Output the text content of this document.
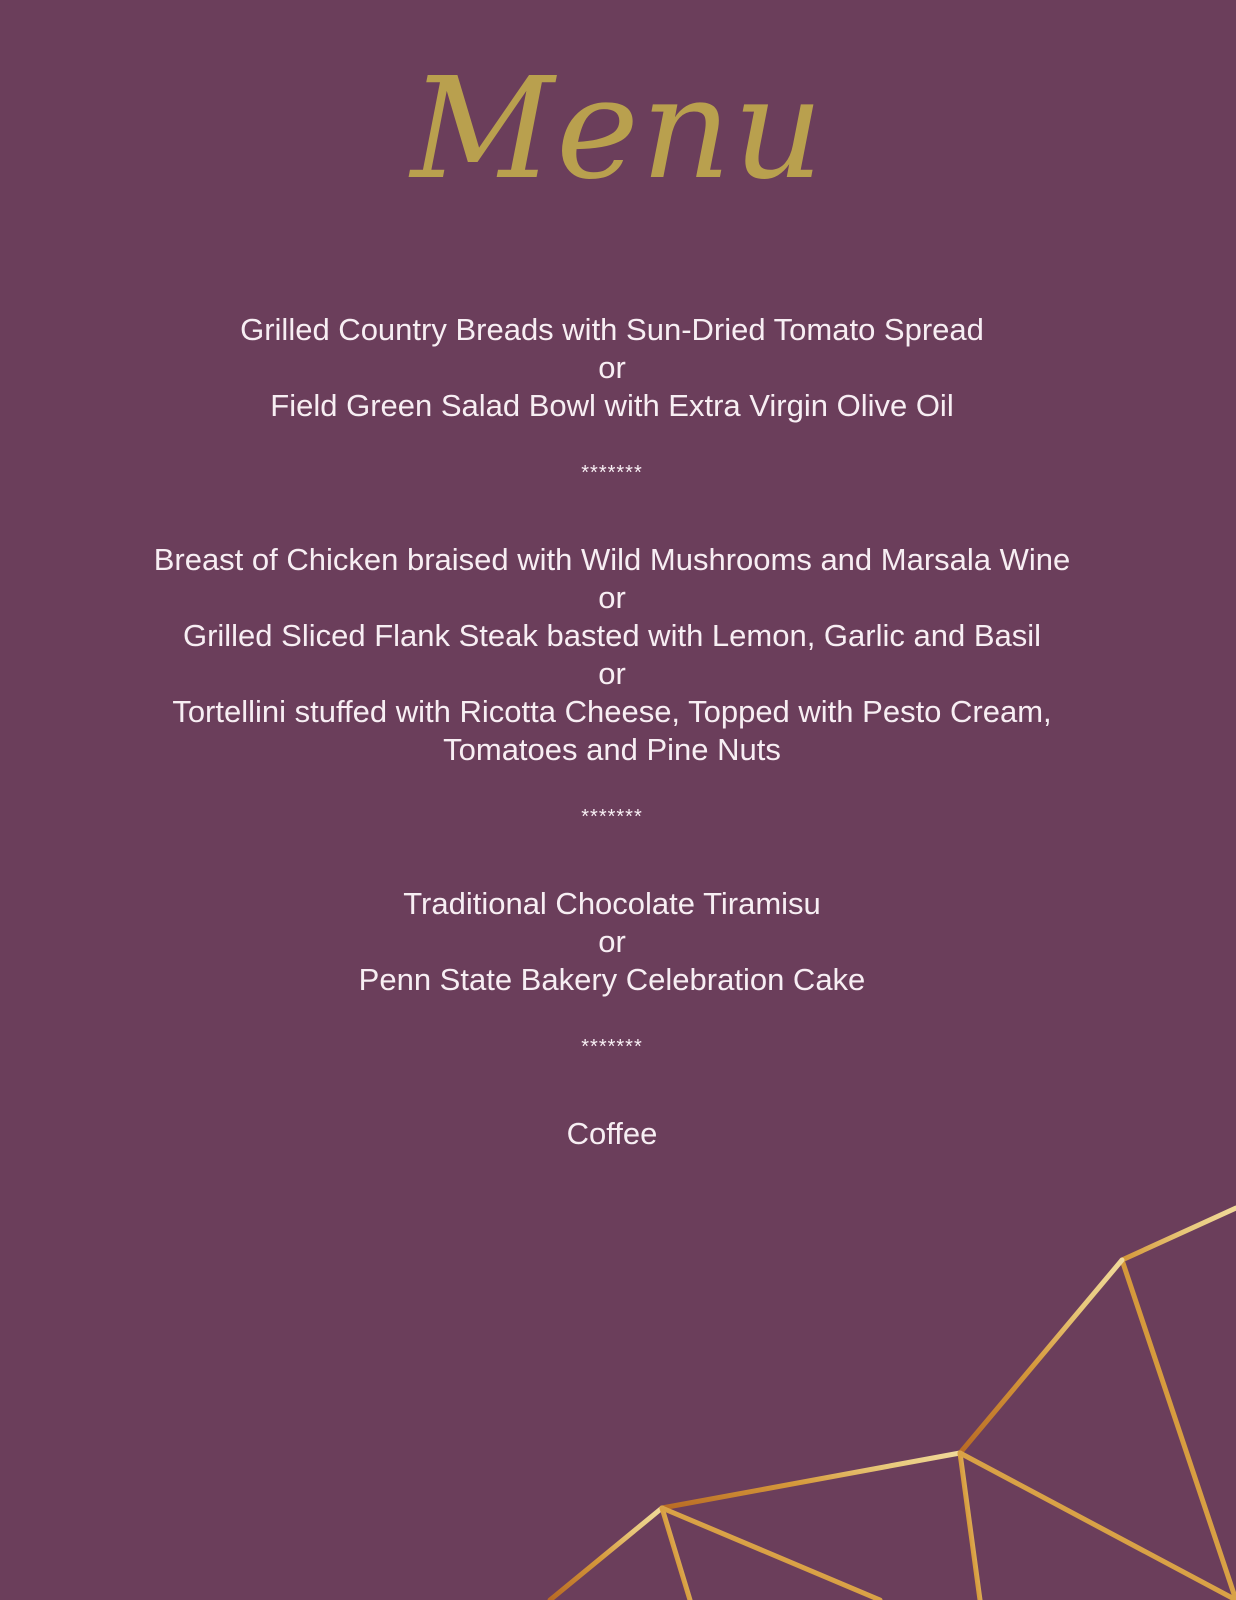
Menu
Grilled Country Breads with Sun-Dried Tomato Spread
or
Field Green Salad Bowl with Extra Virgin Olive Oil
*******
Breast of Chicken braised with Wild Mushrooms and Marsala Wine
or
Grilled Sliced Flank Steak basted with Lemon, Garlic and Basil
or
Tortellini stuffed with Ricotta Cheese, Topped with Pesto Cream, Tomatoes and Pine Nuts
*******
Traditional Chocolate Tiramisu
or
Penn State Bakery Celebration Cake
*******
Coffee
